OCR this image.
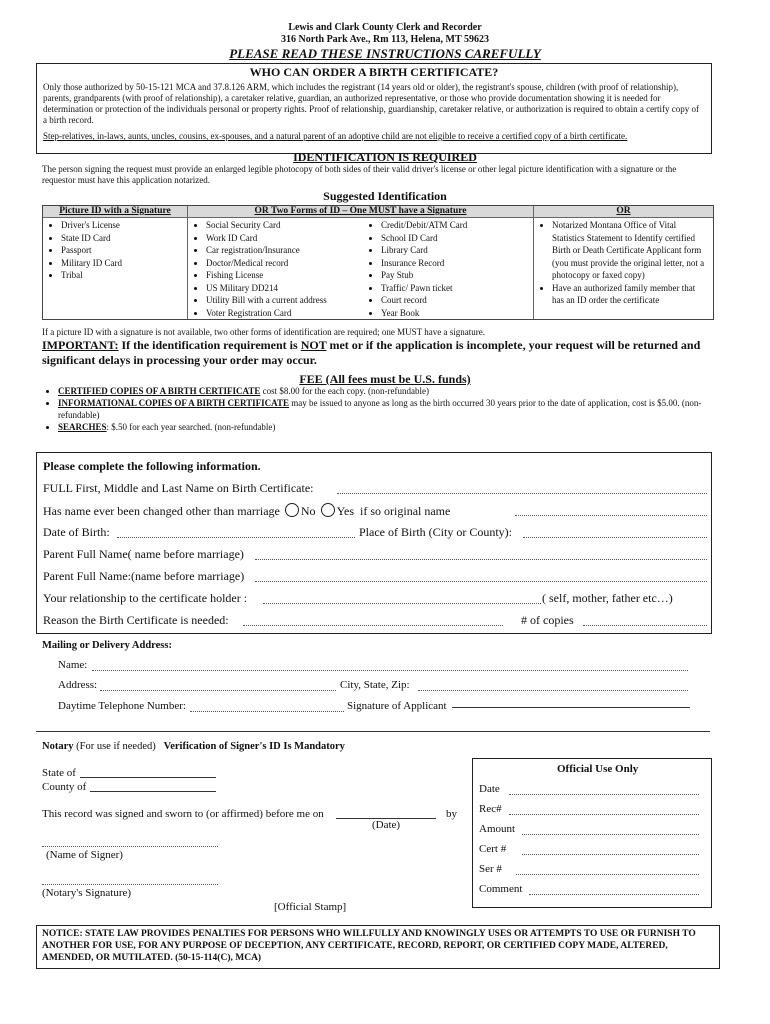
Lewis and Clark County Clerk and Recorder
316 North Park Ave., Rm 113, Helena, MT 59623
PLEASE READ THESE INSTRUCTIONS CAREFULLY
WHO CAN ORDER A BIRTH CERTIFICATE?
Only those authorized by 50-15-121 MCA and 37.8.126 ARM, which includes the registrant (14 years old or older), the registrant's spouse, children (with proof of relationship), parents, grandparents (with proof of relationship), a caretaker relative, guardian, an authorized representative, or those who provide documentation showing it is needed for determination or protection of the individuals personal or property rights. Proof of relationship, guardianship, caretaker relative, or authorization is required to obtain a certify copy of a birth record.
Step-relatives, in-laws, aunts, uncles, cousins, ex-spouses, and a natural parent of an adoptive child are not eligible to receive a certified copy of a birth certificate.
IDENTIFICATION IS REQUIRED
The person signing the request must provide an enlarged legible photocopy of both sides of their valid driver's license or other legal picture identification with a signature or the requestor must have this application notarized.
Suggested Identification
Picture ID with a Signature
• Driver's License
• State ID Card
• Passport
• Military ID Card
• Tribal
OR Two Forms of ID – One MUST have a Signature
• Social Security Card
• Work ID Card
• Car registration/Insurance
• Doctor/Medical record
• Fishing License
• US Military DD214
• Utility Bill with a current address
• Voter Registration Card
• Credit/Debit/ATM Card
• School ID Card
• Library Card
• Insurance Record
• Pay Stub
• Traffic/ Pawn ticket
• Court record
• Year Book
OR
• Notarized Montana Office of Vital Statistics Statement to Identify certified Birth or Death Certificate Applicant form (you must provide the original letter, not a photocopy or faxed copy)
• Have an authorized family member that has an ID order the certificate
If a picture ID with a signature is not available, two other forms of identification are required; one MUST have a signature.
IMPORTANT: If the identification requirement is NOT met or if the application is incomplete, your request will be returned and significant delays in processing your order may occur.
FEE (All fees must be U.S. funds)
• CERTIFIED COPIES OF A BIRTH CERTIFICATE cost $8.00 for the each copy. (non-refundable)
• INFORMATIONAL COPIES OF A BIRTH CERTIFICATE may be issued to anyone as long as the birth occurred 30 years prior to the date of application, cost is $5.00. (non-refundable)
• SEARCHES: $.50 for each year searched. (non-refundable)
Please complete the following information.
FULL First, Middle and Last Name on Birth Certificate:
Has name ever been changed other than marriage No Yes if so original name
Date of Birth:	Place of Birth (City or County):
Parent Full Name( name before marriage)
Parent Full Name:(name before marriage)
Your relationship to the certificate holder :	( self, mother, father etc…)
Reason the Birth Certificate is needed:	# of copies
Mailing or Delivery Address:
Name:
Address:	City, State, Zip:
Daytime Telephone Number:	Signature of Applicant
Notary (For use if needed) Verification of Signer's ID Is Mandatory
State of
County of
This record was signed and sworn to (or affirmed) before me on	by
(Date)
(Name of Signer)
(Notary's Signature)
[Official Stamp]
Official Use Only
Date
Rec#
Amount
Cert #
Ser #
Comment
NOTICE: STATE LAW PROVIDES PENALTIES FOR PERSONS WHO WILLFULLY AND KNOWINGLY USES OR ATTEMPTS TO USE OR FURNISH TO ANOTHER FOR USE, FOR ANY PURPOSE OF DECEPTION, ANY CERTIFICATE, RECORD, REPORT, OR CERTIFIED COPY MADE, ALTERED, AMENDED, OR MUTILATED. (50-15-114(C), MCA)
